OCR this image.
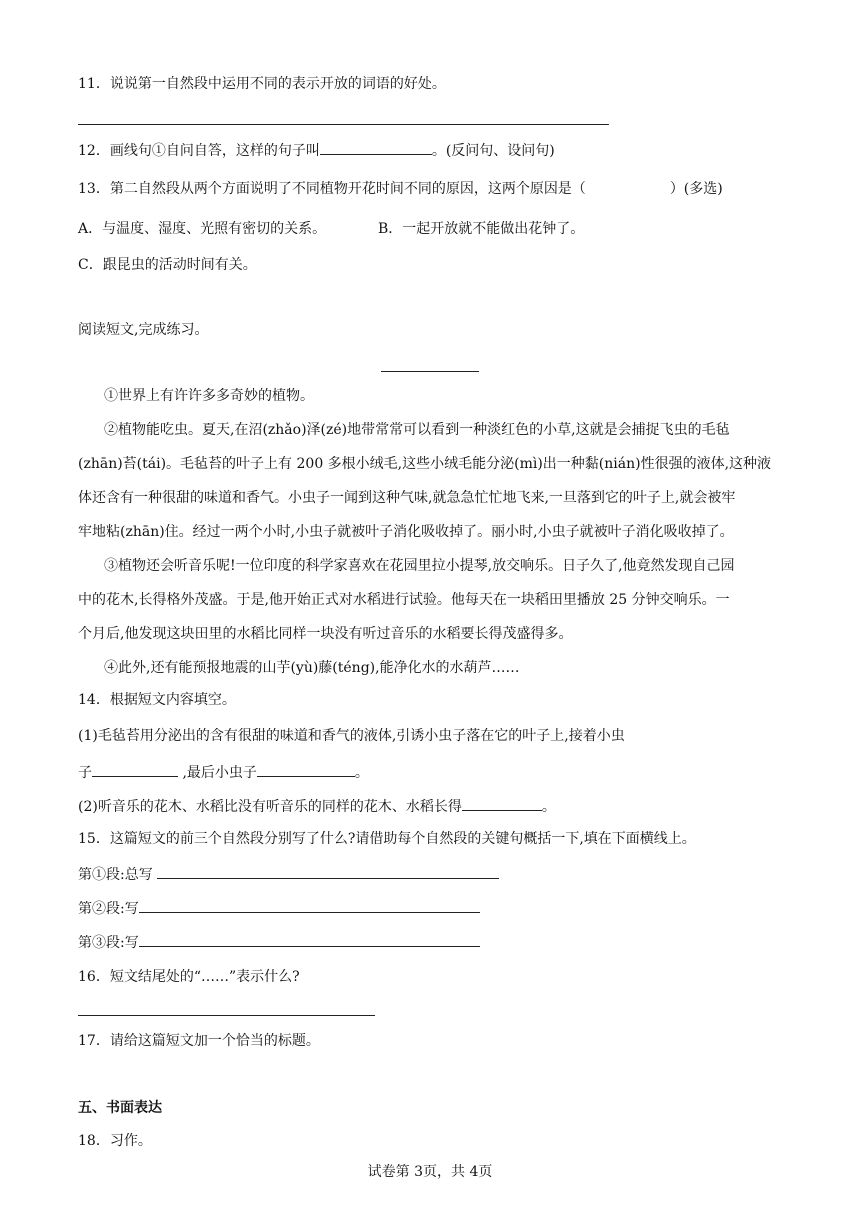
11．说说第一自然段中运用不同的表示开放的词语的好处。
12．画线句①自问自答，这样的句子叫	。(反问句、设问句)
13．第二自然段从两个方面说明了不同植物开花时间不同的原因，这两个原因是（	）(多选)
A．与温度、湿度、光照有密切的关系。	B．一起开放就不能做出花钟了。
C．跟昆虫的活动时间有关。
阅读短文,完成练习。
①世界上有许许多多奇妙的植物。
②植物能吃虫。夏天,在沼(zhǎo)泽(zé)地带常常可以看到一种淡红色的小草,这就是会捕捉飞虫的毛毡
(zhān)苔(tái)。毛毡苔的叶子上有 200 多根小绒毛,这些小绒毛能分泌(mì)出一种黏(nián)性很强的液体,这种液
体还含有一种很甜的味道和香气。小虫子一闻到这种气味,就急急忙忙地飞来,一旦落到它的叶子上,就会被牢
牢地粘(zhān)住。经过一两个小时,小虫子就被叶子消化吸收掉了。丽小时,小虫子就被叶子消化吸收掉了。
③植物还会听音乐呢!一位印度的科学家喜欢在花园里拉小提琴,放交响乐。日子久了,他竟然发现自己园
中的花木,长得格外茂盛。于是,他开始正式对水稻进行试验。他每天在一块稻田里播放 25 分钟交响乐。一
个月后,他发现这块田里的水稻比同样一块没有听过音乐的水稻要长得茂盛得多。
④此外,还有能预报地震的山芋(yù)藤(téng),能净化水的水葫芦……
14．根据短文内容填空。
(1)毛毡苔用分泌出的含有很甜的味道和香气的液体,引诱小虫子落在它的叶子上,接着小虫
子	,最后小虫子	。
(2)听音乐的花木、水稻比没有听音乐的同样的花木、水稻长得	。
15．这篇短文的前三个自然段分别写了什么?请借助每个自然段的关键句概括一下,填在下面横线上。
第①段:总写
第②段:写
第③段:写
16．短文结尾处的“……”表示什么?
17．请给这篇短文加一个恰当的标题。
五、书面表达
18．习作。
试卷第 3页，共 4页
